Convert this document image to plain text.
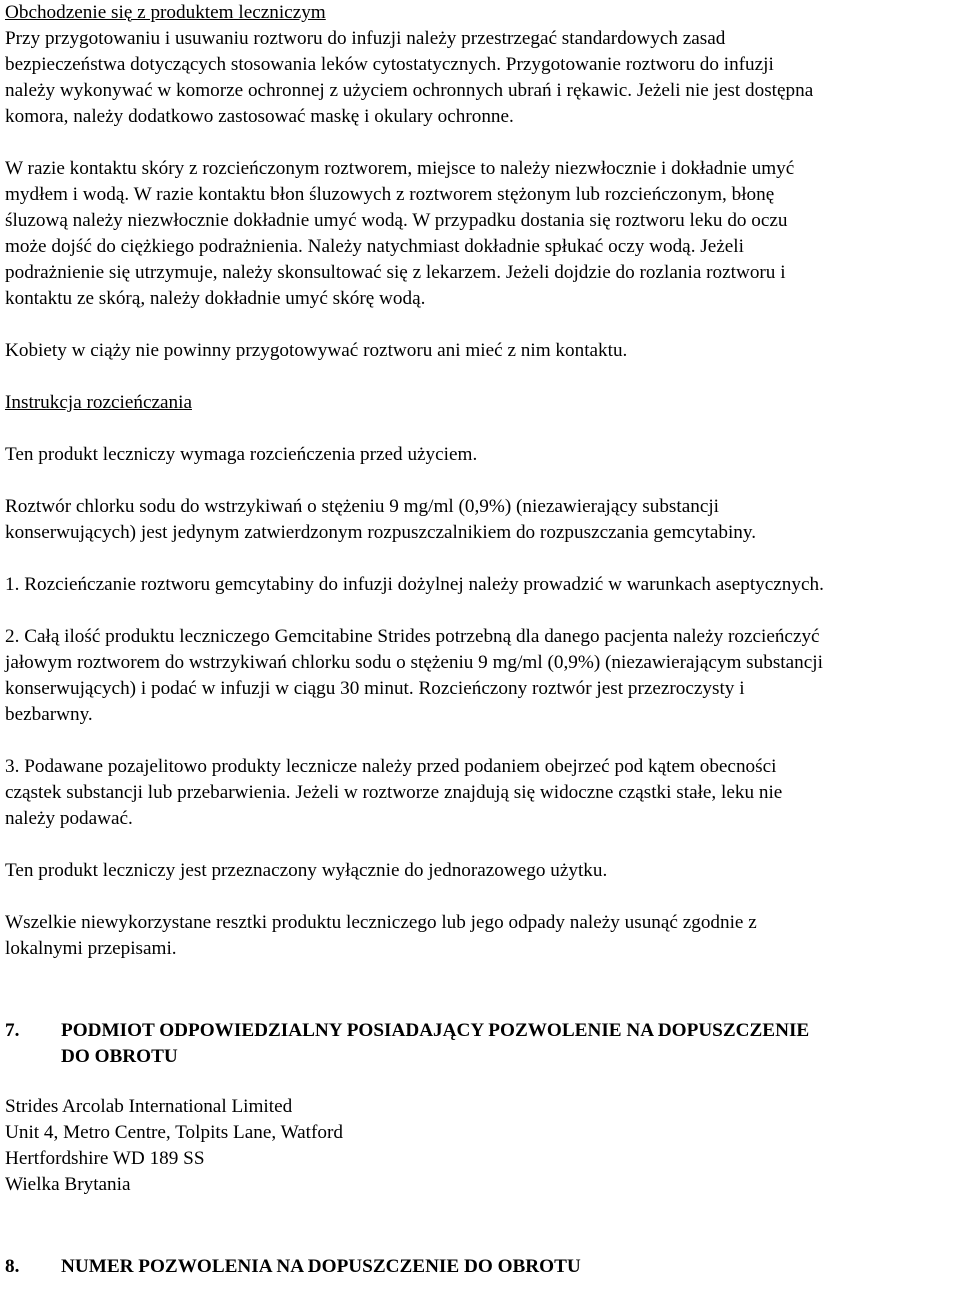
Obchodzenie się z produktem leczniczym
Przy przygotowaniu i usuwaniu roztworu do infuzji należy przestrzegać standardowych zasad
bezpieczeństwa dotyczących stosowania leków cytostatycznych. Przygotowanie roztworu do infuzji
należy wykonywać w komorze ochronnej z użyciem ochronnych ubrań i rękawic. Jeżeli nie jest dostępna
komora, należy dodatkowo zastosować maskę i okulary ochronne.
W razie kontaktu skóry z rozcieńczonym roztworem, miejsce to należy niezwłocznie i dokładnie umyć
mydłem i wodą. W razie kontaktu błon śluzowych z roztworem stężonym lub rozcieńczonym, błonę
śluzową należy niezwłocznie dokładnie umyć wodą. W przypadku dostania się roztworu leku do oczu
może dojść do ciężkiego podrażnienia. Należy natychmiast dokładnie spłukać oczy wodą. Jeżeli
podrażnienie się utrzymuje, należy skonsultować się z lekarzem. Jeżeli dojdzie do rozlania roztworu i
kontaktu ze skórą, należy dokładnie umyć skórę wodą.
Kobiety w ciąży nie powinny przygotowywać roztworu ani mieć z nim kontaktu.
Instrukcja rozcieńczania
Ten produkt leczniczy wymaga rozcieńczenia przed użyciem.
Roztwór chlorku sodu do wstrzykiwań o stężeniu 9 mg/ml (0,9%) (niezawierający substancji
konserwujących) jest jedynym zatwierdzonym rozpuszczalnikiem do rozpuszczania gemcytabiny.
1. Rozcieńczanie roztworu gemcytabiny do infuzji dożylnej należy prowadzić w warunkach aseptycznych.
2. Całą ilość produktu leczniczego Gemcitabine Strides potrzebną dla danego pacjenta należy rozcieńczyć
jałowym roztworem do wstrzykiwań chlorku sodu o stężeniu 9 mg/ml (0,9%) (niezawierającym substancji
konserwujących) i podać w infuzji w ciągu 30 minut. Rozcieńczony roztwór jest przezroczysty i
bezbarwny.
3. Podawane pozajelitowo produkty lecznicze należy przed podaniem obejrzeć pod kątem obecności
cząstek substancji lub przebarwienia. Jeżeli w roztworze znajdują się widoczne cząstki stałe, leku nie
należy podawać.
Ten produkt leczniczy jest przeznaczony wyłącznie do jednorazowego użytku.
Wszelkie niewykorzystane resztki produktu leczniczego lub jego odpady należy usunąć zgodnie z
lokalnymi przepisami.
7. PODMIOT ODPOWIEDZIALNY POSIADAJĄCY POZWOLENIE NA DOPUSZCZENIE
DO OBROTU
Strides Arcolab International Limited
Unit 4, Metro Centre, Tolpits Lane, Watford
Hertfordshire WD 189 SS
Wielka Brytania
8. NUMER POZWOLENIA NA DOPUSZCZENIE DO OBROTU
